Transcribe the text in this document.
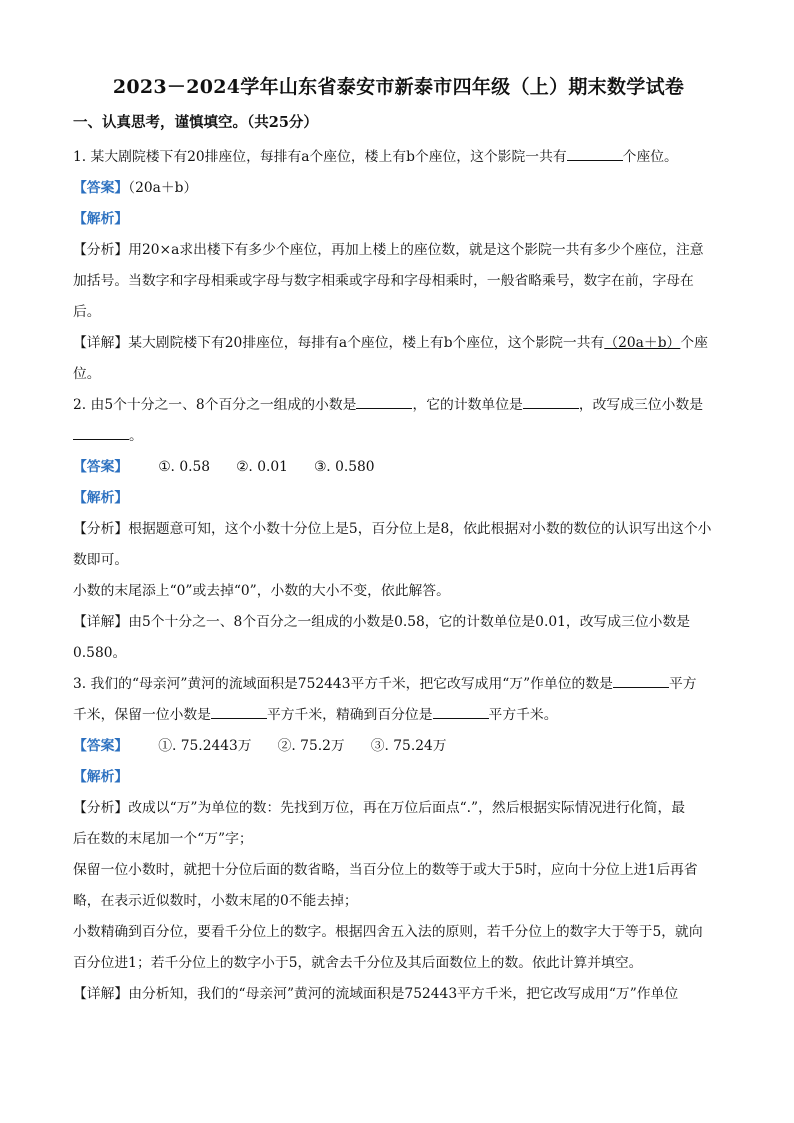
2023－2024学年山东省泰安市新泰市四年级（上）期末数学试卷
一、认真思考，谨慎填空。（共25分）

1. 某大剧院楼下有20排座位，每排有a个座位，楼上有b个座位，这个影院一共有	个座位。

【答案】（20a＋b）

【解析】

【分析】用20×a求出楼下有多少个座位，再加上楼上的座位数，就是这个影院一共有多少个座位，注意

加括号。当数字和字母相乘或字母与数字相乘或字母和字母相乘时，一般省略乘号，数字在前，字母在

后。

【详解】某大剧院楼下有20排座位，每排有a个座位，楼上有b个座位，这个影院一共有（20a＋b）个座

位。

2. 由5个十分之一、8个百分之一组成的小数是	，它的计数单位是	，改写成三位小数是

。

【答案】 ①. 0.58 ②. 0.01 ③. 0.580

【解析】

【分析】根据题意可知，这个小数十分位上是5，百分位上是8，依此根据对小数的数位的认识写出这个小

数即可。

小数的末尾添上“0”或去掉“0”，小数的大小不变，依此解答。

【详解】由5个十分之一、8个百分之一组成的小数是0.58，它的计数单位是0.01，改写成三位小数是

0.580。

3. 我们的“母亲河”黄河的流域面积是752443平方千米，把它改写成用“万”作单位的数是	平方

千米，保留一位小数是	平方千米，精确到百分位是	平方千米。

【答案】 ①. 75.2443万 ②. 75.2万 ③. 75.24万

【解析】

【分析】改成以“万”为单位的数：先找到万位，再在万位后面点“.”，然后根据实际情况进行化简，最

后在数的末尾加一个“万”字；

保留一位小数时，就把十分位后面的数省略，当百分位上的数等于或大于5时，应向十分位上进1后再省

略，在表示近似数时，小数末尾的0不能去掉；

小数精确到百分位，要看千分位上的数字。根据四舍五入法的原则，若千分位上的数字大于等于5，就向

百分位进1；若千分位上的数字小于5，就舍去千分位及其后面数位上的数。依此计算并填空。

【详解】由分析知，我们的“母亲河”黄河的流域面积是752443平方千米，把它改写成用“万”作单位
